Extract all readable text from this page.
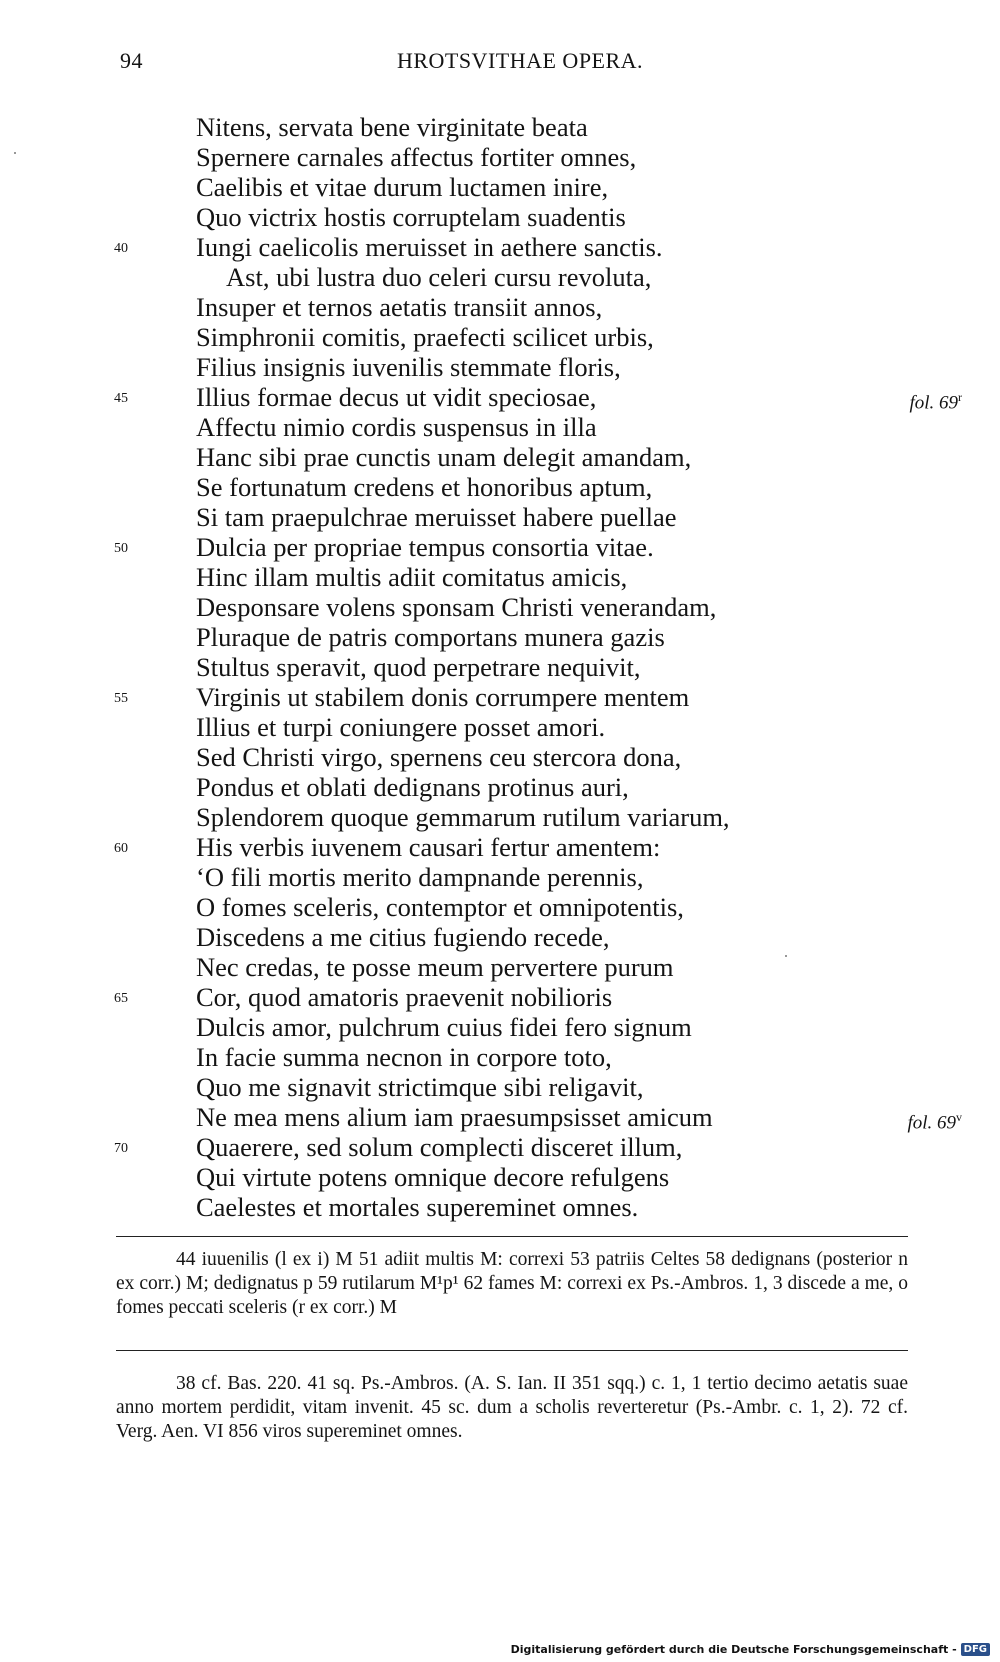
94	HROTSVITHAE OPERA.
Nitens, servata bene virginitate beata
Spernere carnales affectus fortiter omnes,
Caelibis et vitae durum luctamen inire,
Quo victrix hostis corruptelam suadentis
40	Iungi caelicolis meruisset in aethere sanctis.
Ast, ubi lustra duo celeri cursu revoluta,
Insuper et ternos aetatis transiit annos,
Simphronii comitis, praefecti scilicet urbis,
Filius insignis iuvenilis stemmate floris,
45	Illius formae decus ut vidit speciosae,	fol. 69$^r$
Affectu nimio cordis suspensus in illa
Hanc sibi prae cunctis unam delegit amandam,
Se fortunatum credens et honoribus aptum,
Si tam praepulchrae meruisset habere puellae
50	Dulcia per propriae tempus consortia vitae.
Hinc illam multis adiit comitatus amicis,
Desponsare volens sponsam Christi venerandam,
Pluraque de patris comportans munera gazis
Stultus speravit, quod perpetrare nequivit,
55	Virginis ut stabilem donis corrumpere mentem
Illius et turpi coniungere posset amori.
Sed Christi virgo, spernens ceu stercora dona,
Pondus et oblati dedignans protinus auri,
Splendorem quoque gemmarum rutilum variarum,
60	His verbis iuvenem causari fertur amentem:
‘O fili mortis merito dampnande perennis,
O fomes sceleris, contemptor et omnipotentis,
Discedens a me citius fugiendo recede,
Nec credas, te posse meum pervertere purum
65	Cor, quod amatoris praevenit nobilioris
Dulcis amor, pulchrum cuius fidei fero signum
In facie summa necnon in corpore toto,
Quo me signavit strictimque sibi religavit,
Ne mea mens alium iam praesumpsisset amicum	fol. 69$^v$
70	Quaerere, sed solum complecti disceret illum,
Qui virtute potens omnique decore refulgens
Caelestes et mortales supereminet omnes.

44 iuuenilis (l ex i) M 51 adiit multis M: correxi 53 patriis Celtes 58 dedignans (posterior n ex corr.) M; dedignatus p 59 rutilarum M¹p¹ 62 fames M: correxi ex Ps.-Ambros. 1, 3 discede a me, o fomes peccati sceleris (r ex corr.) M

38 cf. Bas. 220. 41 sq. Ps.-Ambros. (A. S. Ian. II 351 sqq.) c. 1, 1 tertio decimo aetatis suae anno mortem perdidit, vitam invenit. 45 sc. dum a scholis reverteretur (Ps.-Ambr. c. 1, 2). 72 cf. Verg. Aen. VI 856 viros supereminet omnes.

Digitalisierung gefördert durch die Deutsche Forschungsgemeinschaft - DFG
